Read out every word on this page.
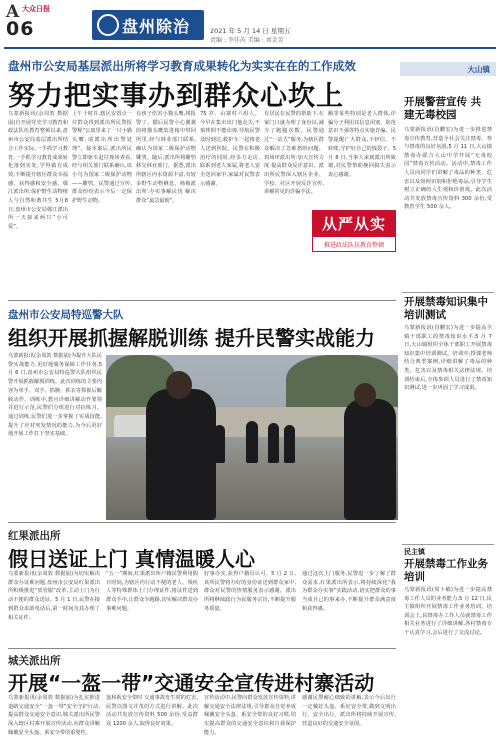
A
06
大众日报
盘州除治	2021 年 5 月 14 日 星期五
责编 : 李佳芮 美编 : 刘金芳
盘州市公安局基层派出所将学习教育成果转化为实实在在的工作成效
努力把实事办到群众心坎上
乌蒙新报讯(余周敦 数据崩)自开展党史学习教育和政法队伍教育整顿以来,盘州市公安局基层派出所结合工作实际,一手抓学习教育,一手抓学习教育成果转化落到实处,学得做有成效,不断提升辖区群众幸福感、获得感和安全感。鄣江派出所:保护野生动物植 人与自然和谐共生 5月8日,盘州市公安局鄣江派出所一天接来两只“小可爱”。
上午十时许,辖区安置点一位群众找到派出所民警报警称“公寓里来了一只小猫头鹰,请派出所出警处理”。接本案后,派出所民警立即驱车赶往现场查看,经与相关部门联系确认,该小鸟为国家二级保护动物——雕鸮。民警通过宣传,群众纷纷表示今后一定保护野生动物。
有孩子伤害小猫头鹰,将报警了。猫后民警小心翼翼的将猫头鹰装进箱中带回所里,经与林业部门联系,确认为国家二级保护动物雕鸮。随后,派出所将雕鸮移交林业部门。据悉,派出所辖区内水资源丰富,有较多野生动物栖息。杨梅派出所:办实事解民忧 解决群众“最急最盼”。
75 岁、山寨村六组人。今早在集市出门他走失,不慎摔倒不能动弹,导航民警及时到达,救护车一起将老人送到医院。民警在积极治疗的同时,经多方走访,联系到老人家属,将老人安全送回家中,家属对民警表示感谢。
有居民在民警的帮助下,在家门口就办理了身份证,减少了跑腿次数。民警通过“一站式”服务,为辖区群众解决了急难愁盼问题。鸡场坪派出所:加大宣传力度 提高群众反诈意识。派出所民警深入辖区企业、学校、社区开展反诈宣传,讲解常见的诈骗手法。
额等某些特别是老人群体,诈骗分子利用其信息闭塞、防范意识不强等特点实施诈骗。民警提醒广大群众,不轻信、不转账,守护好自己的钱袋子。5 月 8 日,当事人来到派出所致谢,对民警帮助挽回损失表示衷心感谢。
从严从实
推进政法队伍教育整顿
盘州市公安局特巡警大队
组织开展抓握解脱训练 提升民警实战能力
乌蒙新报讯(余周敦 数据崩)为提升大队民警实战能力,更好地服务保障工作任务,5 月 6 日,盘州市公安局特巡警大队组织民警开展抓握解脱训练。此次训练的主要内容为单手、双手、抓腕、抓衣等抓握后解脱动作。训练中,教官详细讲解动作要领并进行示范,民警们分组进行对抗练习。通过训练,民警们进一步掌握了实战技能,提升了应对突发情况的能力,为今后更好地开展工作打下坚实基础。
红果派出所
假日送证上门 真情温暖人心
乌蒙新报讯(余周敦 数据崩)为切实解决群众办证难问题,盘州市公安局红果派出所积极推进“放管服”改革,主动上门为行动不便的群众送证。5 月 1 日,民警在接到群众求助电话后,第一时间为其办理了相关证件。
“五一”期间,红果派出所户籍民警利用假日时间,为辖区内行动不便的老人、残疾人等特殊群体上门办理证件,将证件送到群众手中,让群众少跑路,切实解决群众办事难问题。
好事办实,获得户籍员认可。5 月 2 日,该所民警将办好的身份证送到群众家中,群众对民警的热情服务表示感谢。派出所将继续践行为民服务宗旨,不断提升服务质量。
通过这次上门服务,民警进一步了解了群众需求,红果派出所表示,将持续深化“我为群众办实事”实践活动,切实把群众的事当成自己的事来办,不断提升群众满意度和获得感。
城关派出所
开展“一盔一带”交通安全宣传进村寨活动
乌蒙新报讯(余周敦 数据崩)为扎实推进道路交通安全“一盔一带”安全守护行动,提高群众交通安全意识,城关派出所民警深入辖区村寨开展宣传活动,向群众讲解佩戴安全头盔、系安全带的重要性。
盔和系安全带时 交通事故发生时的危害,民警以图文并茂的方式进行讲解。此次活动共发放宣传资料 500 余份,受益群众 1200 余人,取得良好效果。
宣传活动中,民警向群众发放宣传资料,讲解交通安全法律法规,引导群众自觉养成佩戴安全头盔、系安全带的良好习惯,切实提高群众的交通安全意识和自我保护能力。
感谢民警耐心细致的讲解,表示今后出行一定戴好头盔、系好安全带,做到文明出行、安全出行。派出所将持续开展宣传,营造良好的交通安全氛围。
大山镇
开展警营宣传 共建无毒校园
乌蒙新报讯(肖鹏宏)为进一步推进禁毒宣传教育,营造全社会关注禁毒、参与禁毒的良好氛围,5 月 11 日,大山镇禁毒办联合大山中学开展“无毒校园”禁毒宣传活动。活动中,禁毒工作人员向同学们讲解了毒品的种类、危害以及如何识别和拒绝毒品,引导学生树立正确的人生观和价值观。此次活动共发放禁毒宣传资料 300 余份,受教育学生 500 余人。
开展禁毒知识集中培训测试
乌蒙新报讯(肖鹏宏)为进一步提高全镇干部职工的禁毒知识水平,5 月 7 日,大山镇组织全体干部职工开展禁毒知识集中培训测试。培训中,授课老师结合典型案例,详细讲解了毒品的种类、危害以及禁毒相关法律法规。培训结束后,全体参训人员进行了禁毒知识测试,进一步巩固了学习成果。
民主镇
开展禁毒工作业务培训
乌蒙新报讯(周卜敏)为进一步提高禁毒工作人员的业务能力,5 月 12 日,民主镇组织开展禁毒工作业务培训。培训会上,县禁毒办工作人员就禁毒工作相关业务进行了详细讲解,各村禁毒专干认真学习,会后进行了交流讨论。
